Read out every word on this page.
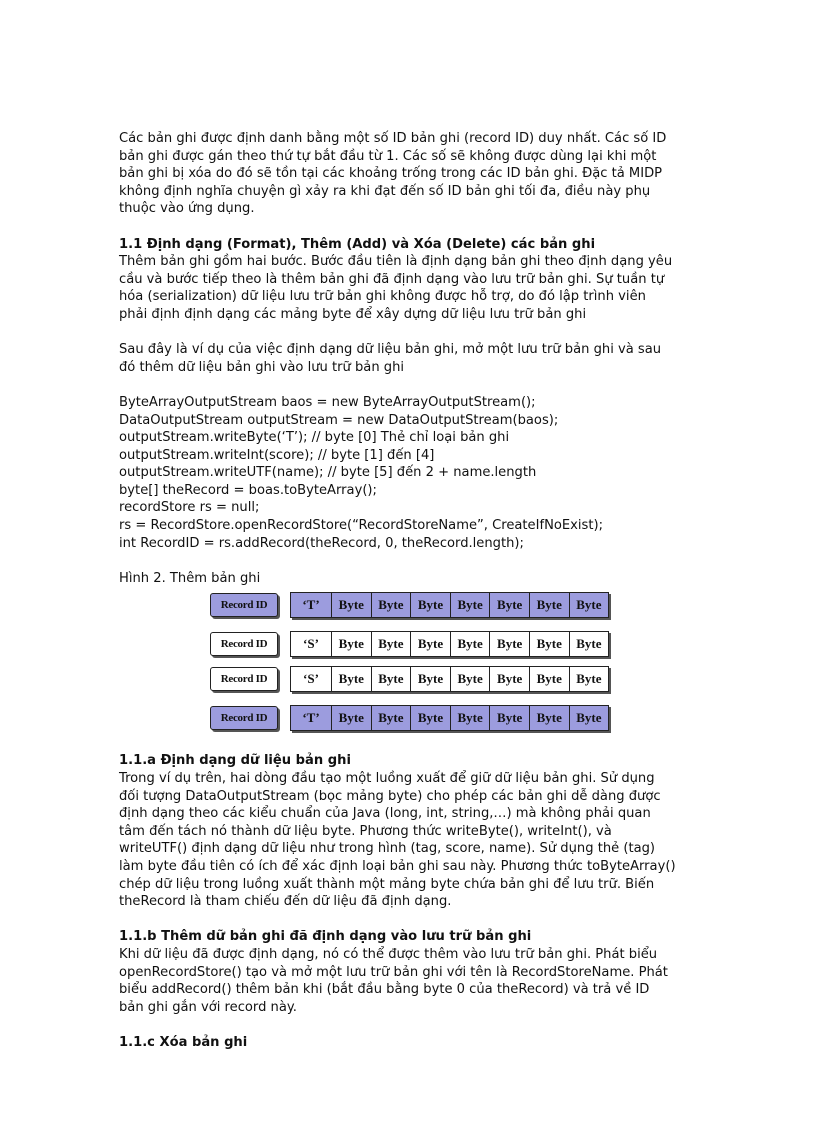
Các bản ghi được định danh bằng một số ID bản ghi (record ID) duy nhất. Các số ID

bản ghi được gán theo thứ tự bắt đầu từ 1. Các số sẽ không được dùng lại khi một

bản ghi bị xóa do đó sẽ tồn tại các khoảng trống trong các ID bản ghi. Đặc tả MIDP

không định nghĩa chuyện gì xảy ra khi đạt đến số ID bản ghi tối đa, điều này phụ

thuộc vào ứng dụng.

1.1 Định dạng (Format), Thêm (Add) và Xóa (Delete) các bản ghi

Thêm bản ghi gồm hai bước. Bước đầu tiên là định dạng bản ghi theo định dạng yêu

cầu và bước tiếp theo là thêm bản ghi đã định dạng vào lưu trữ bản ghi. Sự tuần tự

hóa (serialization) dữ liệu lưu trữ bản ghi không được hỗ trợ, do đó lập trình viên

phải định định dạng các mảng byte để xây dựng dữ liệu lưu trữ bản ghi

Sau đây là ví dụ của việc định dạng dữ liệu bản ghi, mở một lưu trữ bản ghi và sau

đó thêm dữ liệu bản ghi vào lưu trữ bản ghi

ByteArrayOutputStream baos = new ByteArrayOutputStream();

DataOutputStream outputStream = new DataOutputStream(baos);

outputStream.writeByte(‘T’); // byte [0] Thẻ chỉ loại bản ghi

outputStream.writeInt(score); // byte [1] đến [4]

outputStream.writeUTF(name); // byte [5] đến 2 + name.length

byte[] theRecord = boas.toByteArray();

recordStore rs = null;

rs = RecordStore.openRecordStore(“RecordStoreName”, CreateIfNoExist);

int RecordID = rs.addRecord(theRecord, 0, theRecord.length);

Hình 2. Thêm bản ghi

Record ID	‘T’	Byte	Byte	Byte	Byte	Byte	Byte	Byte
Record ID	‘S’	Byte	Byte	Byte	Byte	Byte	Byte	Byte
Record ID	‘S’	Byte	Byte	Byte	Byte	Byte	Byte	Byte
Record ID	‘T’	Byte	Byte	Byte	Byte	Byte	Byte	Byte
1.1.a Định dạng dữ liệu bản ghi

Trong ví dụ trên, hai dòng đầu tạo một luồng xuất để giữ dữ liệu bản ghi. Sử dụng

đối tượng DataOutputStream (bọc mảng byte) cho phép các bản ghi dễ dàng được

định dạng theo các kiểu chuẩn của Java (long, int, string,…) mà không phải quan

tâm đến tách nó thành dữ liệu byte. Phương thức writeByte(), writeInt(), và

writeUTF() định dạng dữ liệu như trong hình (tag, score, name). Sử dụng thẻ (tag)

làm byte đầu tiên có ích để xác định loại bản ghi sau này. Phương thức toByteArray()

chép dữ liệu trong luồng xuất thành một mảng byte chứa bản ghi để lưu trữ. Biến

theRecord là tham chiếu đến dữ liệu đã định dạng.

1.1.b Thêm dữ bản ghi đã định dạng vào lưu trữ bản ghi

Khi dữ liệu đã được định dạng, nó có thể được thêm vào lưu trữ bản ghi. Phát biểu

openRecordStore() tạo và mở một lưu trữ bản ghi với tên là RecordStoreName. Phát

biểu addRecord() thêm bản khi (bắt đầu bằng byte 0 của theRecord) và trả về ID

bản ghi gắn với record này.

1.1.c Xóa bản ghi
